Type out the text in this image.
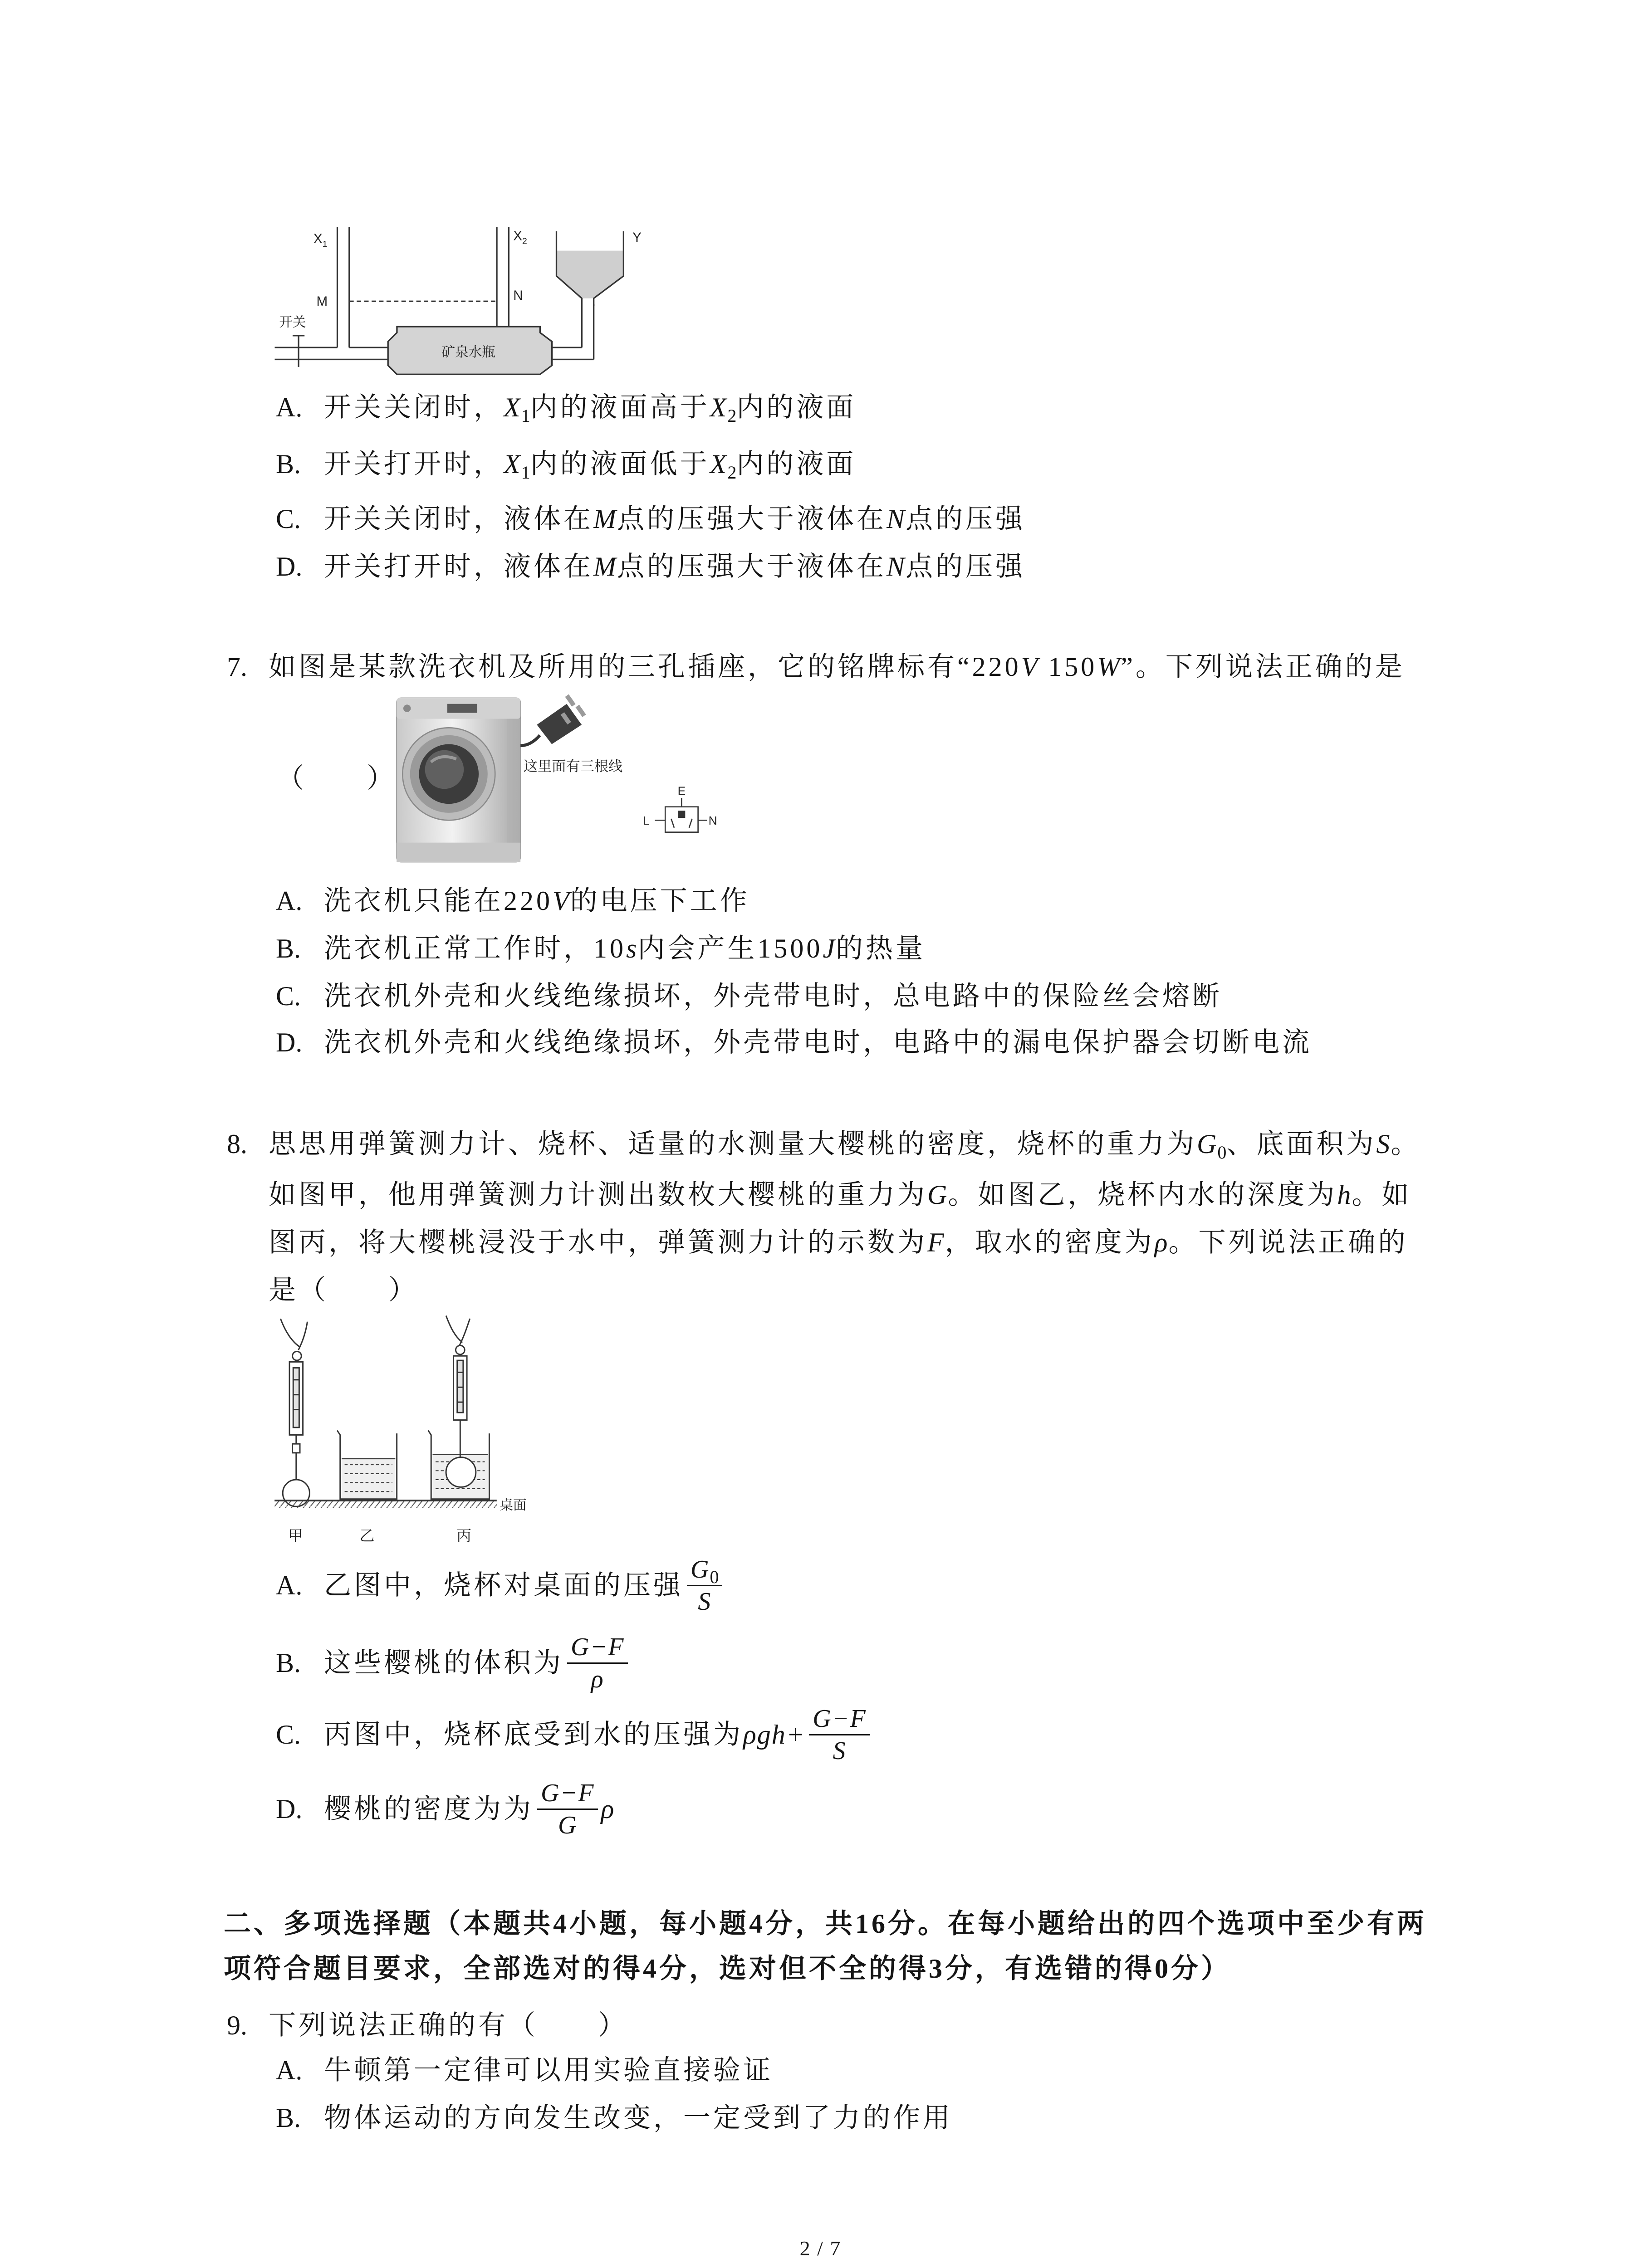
$X_1$
$X_2$	Y
M	N
开关
矿泉水瓶
A. 开关关闭时，$X_1$内的液面高于$X_2$内的液面
B. 开关打开时，$X_1$内的液面低于$X_2$内的液面
C. 开关关闭时，液体在M点的压强大于液体在N点的压强
D. 开关打开时，液体在M点的压强大于液体在N点的压强
7. 如图是某款洗衣机及所用的三孔插座，它的铭牌标有“220V 150W”。下列说法正确的是
（　　）	这里面有三根线
E
L	N
A. 洗衣机只能在220V的电压下工作
B. 洗衣机正常工作时，10s内会产生1500J的热量
C. 洗衣机外壳和火线绝缘损坏，外壳带电时，总电路中的保险丝会熔断
D. 洗衣机外壳和火线绝缘损坏，外壳带电时，电路中的漏电保护器会切断电流
8. 思思用弹簧测力计、烧杯、适量的水测量大樱桃的密度，烧杯的重力为$G_0$、底面积为S。
如图甲，他用弹簧测力计测出数枚大樱桃的重力为G。如图乙，烧杯内水的深度为h。如
图丙，将大樱桃浸没于水中，弹簧测力计的示数为F，取水的密度为ρ。下列说法正确的
是（　　）
桌面
甲	乙	丙
A. 乙图中，烧杯对桌面的压强 $\frac{G_0}{S}$
B. 这些樱桃的体积为 $\frac{G-F}{\rho}$
C. 丙图中，烧杯底受到水的压强为 $\rho gh+ \frac{G-F}{S}$
D. 樱桃的密度为为 $\frac{G-F}{G}$ ρ
二、多项选择题（本题共4小题，每小题4分，共16分。在每小题给出的四个选项中至少有两
项符合题目要求，全部选对的得4分，选对但不全的得3分，有选错的得0分）
9. 下列说法正确的有（　　）
A. 牛顿第一定律可以用实验直接验证
B. 物体运动的方向发生改变，一定受到了力的作用
2 / 7
